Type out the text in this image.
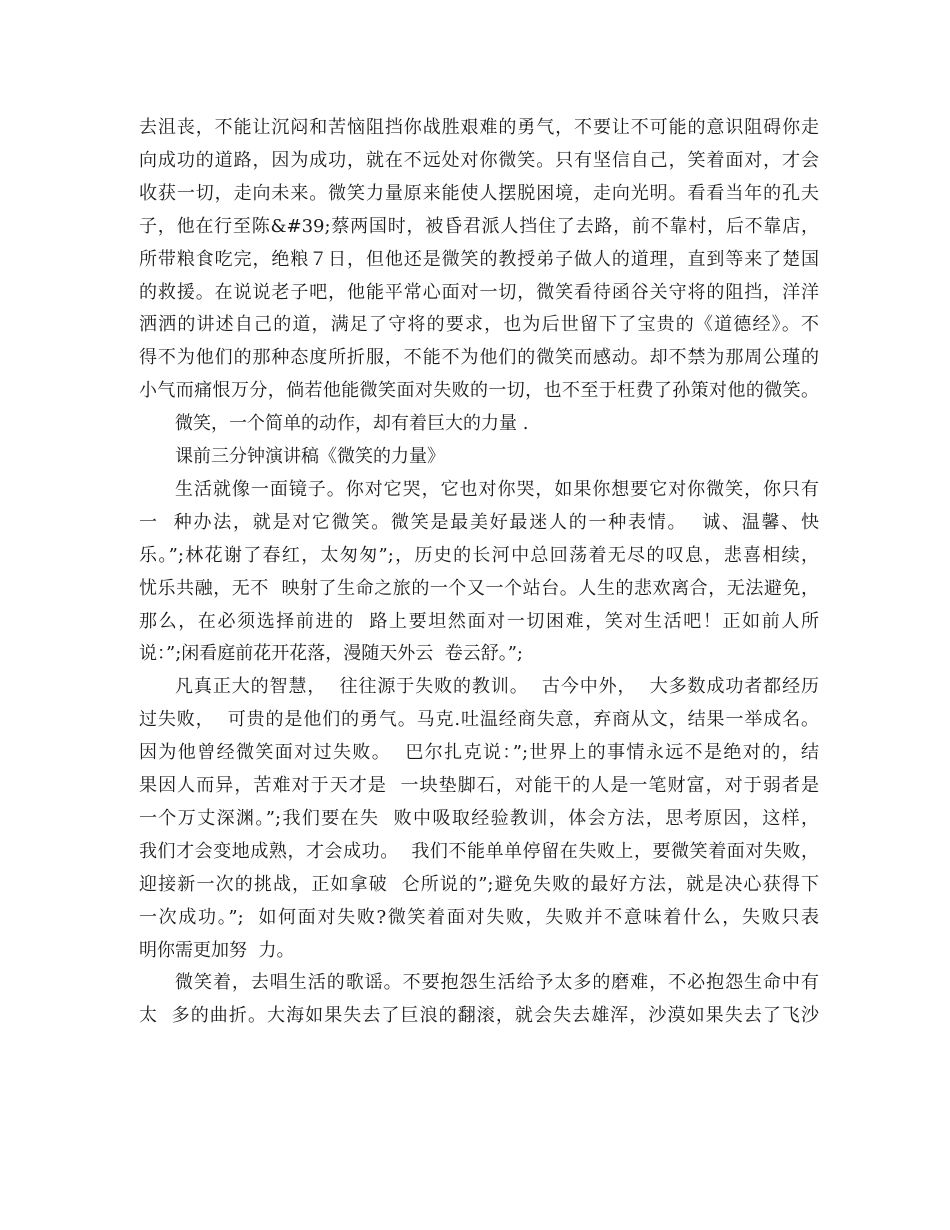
去沮丧，不能让沉闷和苦恼阻挡你战胜艰难的勇气，不要让不可能的意识阻碍你走
向成功的道路，因为成功，就在不远处对你微笑。只有坚信自己，笑着面对，才会
收获一切，走向未来。微笑力量原来能使人摆脱困境，走向光明。看看当年的孔夫
子，他在行至陈&#39;蔡两国时，被昏君派人挡住了去路，前不靠村，后不靠店，
所带粮食吃完，绝粮７日，但他还是微笑的教授弟子做人的道理，直到等来了楚国
的救援。在说说老子吧，他能平常心面对一切，微笑看待函谷关守将的阻挡，洋洋
洒洒的讲述自己的道，满足了守将的要求，也为后世留下了宝贵的《道德经》。不
得不为他们的那种态度所折服，不能不为他们的微笑而感动。却不禁为那周公瑾的
小气而痛恨万分，倘若他能微笑面对失败的一切，也不至于枉费了孙策对他的微笑。
微笑，一个简单的动作，却有着巨大的力量 .
课前三分钟演讲稿《微笑的力量》
生活就像一面镜子。你对它哭，它也对你哭，如果你想要它对你微笑，你只有
一  种办法，就是对它微笑。微笑是最美好最迷人的一种表情。  诚、温馨、快
乐。”;林花谢了春红，太匆匆”;，历史的长河中总回荡着无尽的叹息，悲喜相续，
忧乐共融，无不  映射了生命之旅的一个又一个站台。人生的悲欢离合，无法避免，
那么，在必须选择前进的  路上要坦然面对一切困难，笑对生活吧！正如前人所
说：”;闲看庭前花开花落，漫随天外云  卷云舒。”;
凡真正大的智慧，  往往源于失败的教训。  古今中外，  大多数成功者都经历
过失败，  可贵的是他们的勇气。马克.吐温经商失意，弃商从文，结果一举成名。
因为他曾经微笑面对过失败。  巴尔扎克说：”;世界上的事情永远不是绝对的，结
果因人而异，苦难对于天才是  一块垫脚石，对能干的人是一笔财富，对于弱者是
一个万丈深渊。”;我们要在失  败中吸取经验教训，体会方法，思考原因，这样，
我们才会变地成熟，才会成功。  我们不能单单停留在失败上，要微笑着面对失败，
迎接新一次的挑战，正如拿破  仑所说的”;避免失败的最好方法，就是决心获得下
一次成功。”;  如何面对失败?微笑着面对失败，失败并不意味着什么，失败只表
明你需更加努  力。
微笑着，去唱生活的歌谣。不要抱怨生活给予太多的磨难，不必抱怨生命中有
太  多的曲折。大海如果失去了巨浪的翻滚，就会失去雄浑，沙漠如果失去了飞沙
